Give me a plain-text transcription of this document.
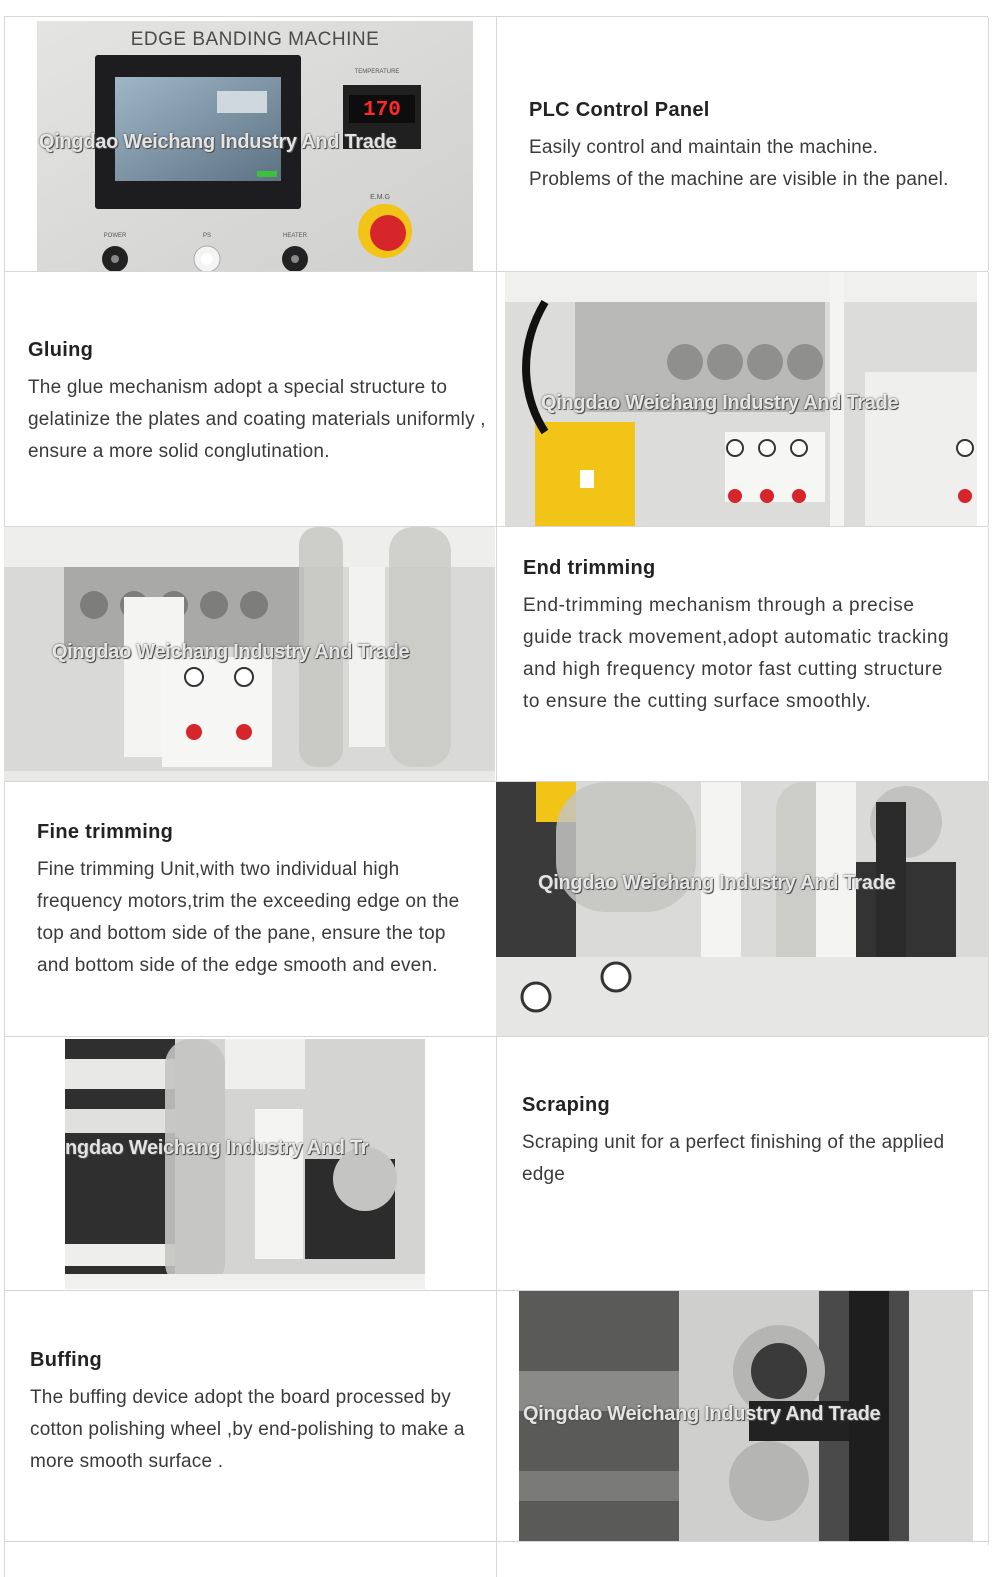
170
TEMPERATURE
E.M.G
POWER	PS	HEATER
EDGE BANDING MACHINE
Qingdao Weichang Industry And Trade

PLC Control Panel

Easily control and maintain the machine. Problems of the machine are visible in the panel.

Gluing

The glue mechanism adopt a special structure to gelatinize the plates and coating materials uniformly , ensure a more solid conglutination.

Qingdao Weichang Industry And Trade
Qingdao Weichang Industry And Trade

End trimming

End-trimming mechanism through a precise guide track movement,adopt automatic tracking and high frequency motor fast cutting structure to ensure the cutting surface smoothly.

Fine trimming

Fine trimming Unit,with two individual high frequency motors,trim the exceeding edge on the top and bottom side of the pane, ensure the top and bottom side of the edge smooth and even.

Qingdao Weichang Industry And Trade
ngdao Weichang Industry And Tr

Scraping

Scraping unit for a perfect finishing of the applied edge

Buffing

The buffing device adopt the board processed by cotton polishing wheel ,by end-polishing to make a more smooth surface .

Qingdao Weichang Industry And Trade
